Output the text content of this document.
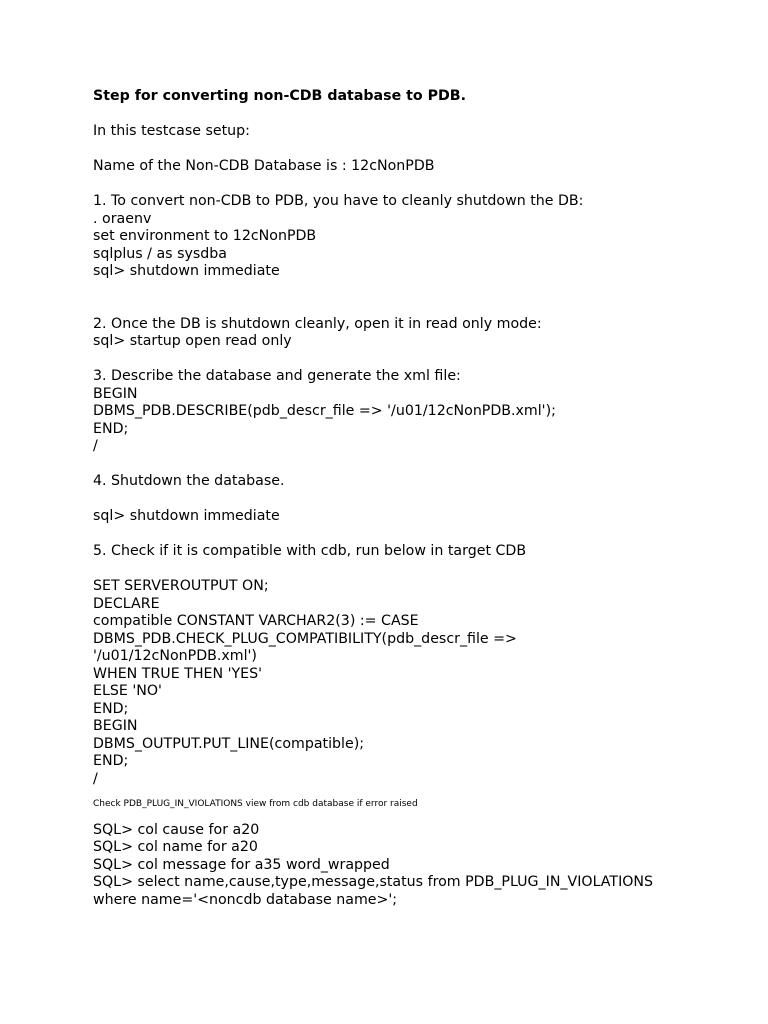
Step for converting non-CDB database to PDB.

In this testcase setup:

Name of the Non-CDB Database is : 12cNonPDB

1. To convert non-CDB to PDB, you have to cleanly shutdown the DB:

. oraenv

set environment to 12cNonPDB

sqlplus / as sysdba

sql> shutdown immediate

2. Once the DB is shutdown cleanly, open it in read only mode:

sql> startup open read only

3. Describe the database and generate the xml file:

BEGIN

DBMS_PDB.DESCRIBE(pdb_descr_file => '/u01/12cNonPDB.xml');

END;

/

4. Shutdown the database.

sql> shutdown immediate

5. Check if it is compatible with cdb, run below in target CDB

SET SERVEROUTPUT ON;

DECLARE

compatible CONSTANT VARCHAR2(3) := CASE

DBMS_PDB.CHECK_PLUG_COMPATIBILITY(pdb_descr_file =>

'/u01/12cNonPDB.xml')

WHEN TRUE THEN 'YES'

ELSE 'NO'

END;

BEGIN

DBMS_OUTPUT.PUT_LINE(compatible);

END;

/

Check PDB_PLUG_IN_VIOLATIONS view from cdb database if error raised

SQL> col cause for a20

SQL> col name for a20

SQL> col message for a35 word_wrapped

SQL> select name,cause,type,message,status from PDB_PLUG_IN_VIOLATIONS

where name='<noncdb database name>';
